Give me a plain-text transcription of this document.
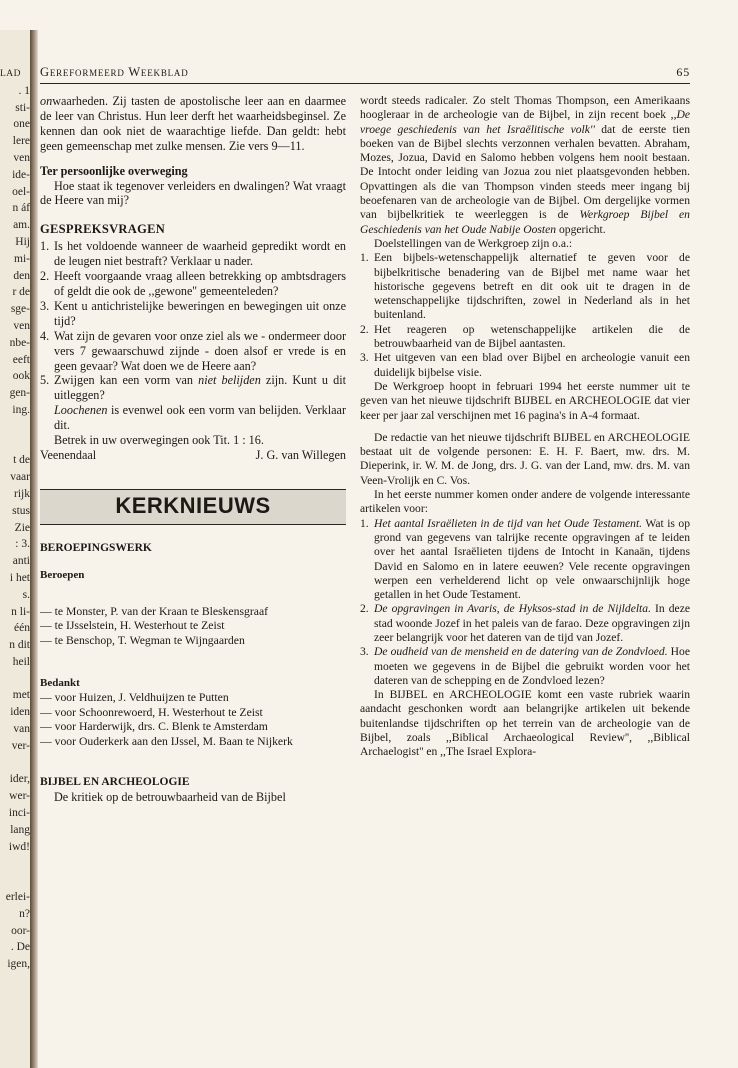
LAD
. 1
sti-
one
lere
ven
ide-
oel-
n áf
am.
Hij
mi-
den
r de
sge-
ven
nbe-
eeft
ook
gen-
ing.

t de
vaar
rijk
stus
Zie
: 3.
anti
i het
s.
n li-
één
n dit
heil

met
iden
van
ver-

ider,
wer-
inci-
lang
iwd!

erlei-
n?
oor-
. De
igen,
Gereformeerd Weekblad	65

onwaarheden. Zij tasten de apostolische leer aan en daarmee de leer van Christus. Hun leer derft het waarheidsbeginsel. Ze kennen dan ook niet de waarachtige liefde. Dan geldt: hebt geen gemeenschap met zulke mensen. Zie vers 9—11.

Ter persoonlijke overweging

Hoe staat ik tegenover verleiders en dwalingen? Wat vraagt de Heere van mij?

GESPREKSVRAGEN
1. Is het voldoende wanneer de waarheid gepredikt wordt en de leugen niet bestraft? Verklaar u nader.
2. Heeft voorgaande vraag alleen betrekking op ambtsdragers of geldt die ook de ,,gewone'' gemeenteleden?
3. Kent u antichristelijke beweringen en bewegingen uit onze tijd?
4. Wat zijn de gevaren voor onze ziel als we - ondermeer door vers 7 gewaarschuwd zijnde - doen alsof er vrede is en geen gevaar? Wat doen we de Heere aan?
5. Zwijgen kan een vorm van niet belijden zijn. Kunt u dit uitleggen?
Loochenen is evenwel ook een vorm van belijden. Verklaar dit.

Betrek in uw overwegingen ook Tit. 1 : 16.

Veenendaal	J. G. van Willegen
KERKNIEUWS
BEROEPINGSWERK
Beroepen
— te Monster, P. van der Kraan te Bleskensgraaf
— te IJsselstein, H. Westerhout te Zeist
— te Benschop, T. Wegman te Wijngaarden
Bedankt
— voor Huizen, J. Veldhuijzen te Putten
— voor Schoonrewoerd, H. Westerhout te Zeist
— voor Harderwijk, drs. C. Blenk te Amsterdam
— voor Ouderkerk aan den IJssel, M. Baan te Nijkerk
BIJBEL EN ARCHEOLOGIE

De kritiek op de betrouwbaarheid van de Bijbel

wordt steeds radicaler. Zo stelt Thomas Thompson, een Amerikaans hoogleraar in de archeologie van de Bijbel, in zijn recent boek ,,De vroege geschiedenis van het Israëlitische volk'' dat de eerste tien boeken van de Bijbel slechts verzonnen verhalen bevatten. Abraham, Mozes, Jozua, David en Salomo hebben volgens hem nooit bestaan. De Intocht onder leiding van Jozua zou niet plaatsgevonden hebben. Opvattingen als die van Thompson vinden steeds meer ingang bij beoefenaren van de archeologie van de Bijbel. Om dergelijke vormen van bijbelkritiek te weerleggen is de Werkgroep Bijbel en Geschiedenis van het Oude Nabije Oosten opgericht.

Doelstellingen van de Werkgroep zijn o.a.:

1. Een bijbels-wetenschappelijk alternatief te geven voor de bijbelkritische benadering van de Bijbel met name waar het historische gegevens betreft en dit ook uit te dragen in de wetenschappelijke tijdschriften, zowel in Nederland als in het buitenland.
2. Het reageren op wetenschappelijke artikelen die de betrouwbaarheid van de Bijbel aantasten.
3. Het uitgeven van een blad over Bijbel en archeologie vanuit een duidelijk bijbelse visie.

De Werkgroep hoopt in februari 1994 het eerste nummer uit te geven van het nieuwe tijdschrift BIJBEL en ARCHEOLOGIE dat vier keer per jaar zal verschijnen met 16 pagina's in A-4 formaat.

De redactie van het nieuwe tijdschrift BIJBEL en ARCHEOLOGIE bestaat uit de volgende personen: E. H. F. Baert, mw. drs. M. Dieperink, ir. W. M. de Jong, drs. J. G. van der Land, mw. drs. M. van Veen-Vrolijk en C. Vos.

In het eerste nummer komen onder andere de volgende interessante artikelen voor:

1. Het aantal Israëlieten in de tijd van het Oude Testament. Wat is op grond van gegevens van talrijke recente opgravingen af te leiden over het aantal Israëlieten tijdens de Intocht in Kanaän, tijdens David en Salomo en in latere eeuwen? Vele recente opgravingen werpen een verhelderend licht op vele onwaarschijnlijk hoge getallen in het Oude Testament.
2. De opgravingen in Avaris, de Hyksos-stad in de Nijldelta. In deze stad woonde Jozef in het paleis van de farao. Deze opgravingen zijn zeer belangrijk voor het dateren van de tijd van Jozef.
3. De oudheid van de mensheid en de datering van de Zondvloed. Hoe moeten we gegevens in de Bijbel die gebruikt worden voor het dateren van de schepping en de Zondvloed lezen?

In BIJBEL en ARCHEOLOGIE komt een vaste rubriek waarin aandacht geschonken wordt aan belangrijke artikelen uit bekende buitenlandse tijdschriften op het terrein van de archeologie van de Bijbel, zoals ,,Biblical Archaeological Review'', ,,Biblical Archaelogist'' en ,,The Israel Explora-
